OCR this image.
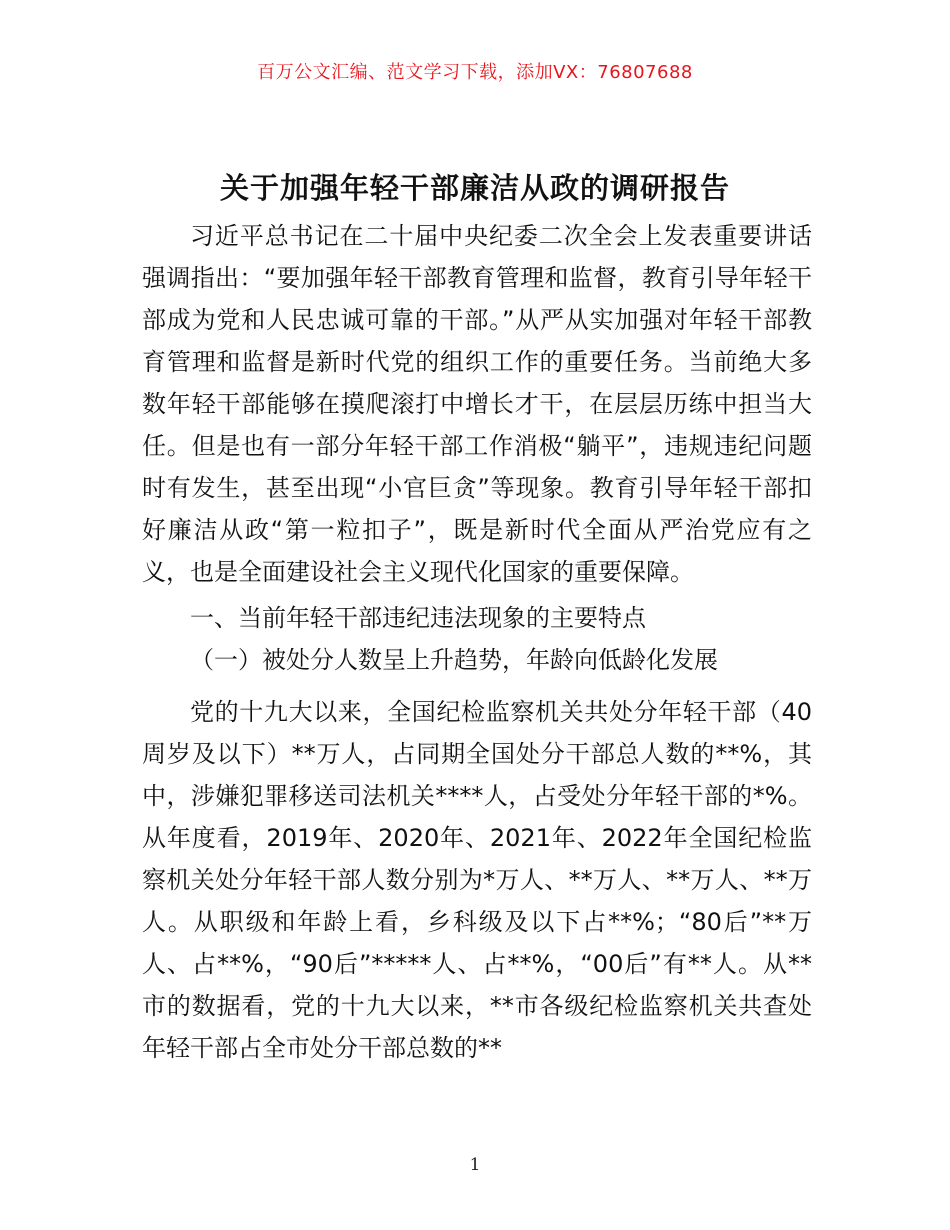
百万公文汇编、范文学习下载，添加VX：76807688
关于加强年轻干部廉洁从政的调研报告

习近平总书记在二十届中央纪委二次全会上发表重要讲话强调指出：“要加强年轻干部教育管理和监督，教育引导年轻干部成为党和人民忠诚可靠的干部。”从严从实加强对年轻干部教育管理和监督是新时代党的组织工作的重要任务。当前绝大多数年轻干部能够在摸爬滚打中增长才干，在层层历练中担当大任。但是也有一部分年轻干部工作消极“躺平”，违规违纪问题时有发生，甚至出现“小官巨贪”等现象。教育引导年轻干部扣好廉洁从政“第一粒扣子”，既是新时代全面从严治党应有之义，也是全面建设社会主义现代化国家的重要保障。

一、当前年轻干部违纪违法现象的主要特点

（一）被处分人数呈上升趋势，年龄向低龄化发展

党的十九大以来，全国纪检监察机关共处分年轻干部（40周岁及以下）**万人，占同期全国处分干部总人数的**%，其中，涉嫌犯罪移送司法机关****人，占受处分年轻干部的*%。从年度看，2019年、2020年、2021年、2022年全国纪检监察机关处分年轻干部人数分别为*万人、**万人、**万人、**万人。从职级和年龄上看，乡科级及以下占**%；“80后”**万人、占**%，“90后”*****人、占**%，“00后”有**人。从**市的数据看，党的十九大以来，**市各级纪检监察机关共查处年轻干部占全市处分干部总数的**

1
